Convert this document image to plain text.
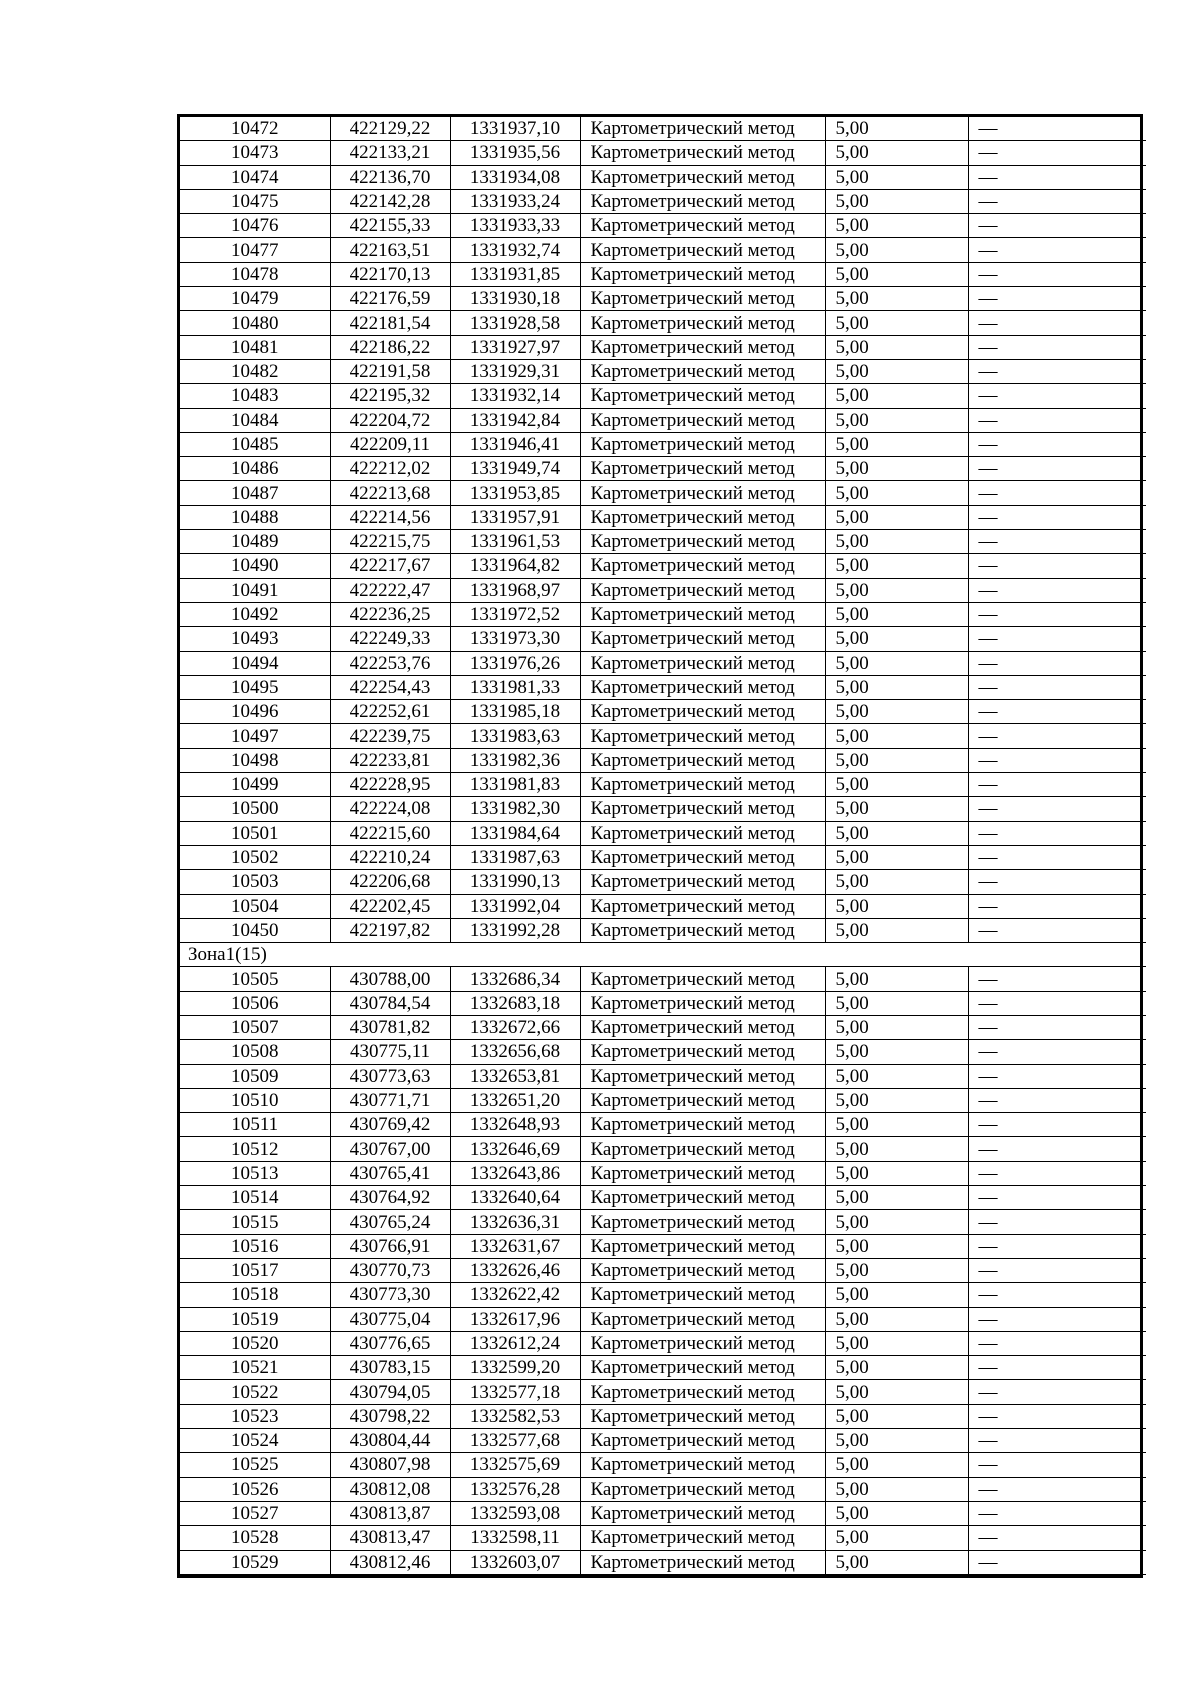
10472	422129,22	1331937,10	Картометрический метод	5,00	—
10473	422133,21	1331935,56	Картометрический метод	5,00	—
10474	422136,70	1331934,08	Картометрический метод	5,00	—
10475	422142,28	1331933,24	Картометрический метод	5,00	—
10476	422155,33	1331933,33	Картометрический метод	5,00	—
10477	422163,51	1331932,74	Картометрический метод	5,00	—
10478	422170,13	1331931,85	Картометрический метод	5,00	—
10479	422176,59	1331930,18	Картометрический метод	5,00	—
10480	422181,54	1331928,58	Картометрический метод	5,00	—
10481	422186,22	1331927,97	Картометрический метод	5,00	—
10482	422191,58	1331929,31	Картометрический метод	5,00	—
10483	422195,32	1331932,14	Картометрический метод	5,00	—
10484	422204,72	1331942,84	Картометрический метод	5,00	—
10485	422209,11	1331946,41	Картометрический метод	5,00	—
10486	422212,02	1331949,74	Картометрический метод	5,00	—
10487	422213,68	1331953,85	Картометрический метод	5,00	—
10488	422214,56	1331957,91	Картометрический метод	5,00	—
10489	422215,75	1331961,53	Картометрический метод	5,00	—
10490	422217,67	1331964,82	Картометрический метод	5,00	—
10491	422222,47	1331968,97	Картометрический метод	5,00	—
10492	422236,25	1331972,52	Картометрический метод	5,00	—
10493	422249,33	1331973,30	Картометрический метод	5,00	—
10494	422253,76	1331976,26	Картометрический метод	5,00	—
10495	422254,43	1331981,33	Картометрический метод	5,00	—
10496	422252,61	1331985,18	Картометрический метод	5,00	—
10497	422239,75	1331983,63	Картометрический метод	5,00	—
10498	422233,81	1331982,36	Картометрический метод	5,00	—
10499	422228,95	1331981,83	Картометрический метод	5,00	—
10500	422224,08	1331982,30	Картометрический метод	5,00	—
10501	422215,60	1331984,64	Картометрический метод	5,00	—
10502	422210,24	1331987,63	Картометрический метод	5,00	—
10503	422206,68	1331990,13	Картометрический метод	5,00	—
10504	422202,45	1331992,04	Картометрический метод	5,00	—
10450	422197,82	1331992,28	Картометрический метод	5,00	—
Зона1(15)					
10505	430788,00	1332686,34	Картометрический метод	5,00	—
10506	430784,54	1332683,18	Картометрический метод	5,00	—
10507	430781,82	1332672,66	Картометрический метод	5,00	—
10508	430775,11	1332656,68	Картометрический метод	5,00	—
10509	430773,63	1332653,81	Картометрический метод	5,00	—
10510	430771,71	1332651,20	Картометрический метод	5,00	—
10511	430769,42	1332648,93	Картометрический метод	5,00	—
10512	430767,00	1332646,69	Картометрический метод	5,00	—
10513	430765,41	1332643,86	Картометрический метод	5,00	—
10514	430764,92	1332640,64	Картометрический метод	5,00	—
10515	430765,24	1332636,31	Картометрический метод	5,00	—
10516	430766,91	1332631,67	Картометрический метод	5,00	—
10517	430770,73	1332626,46	Картометрический метод	5,00	—
10518	430773,30	1332622,42	Картометрический метод	5,00	—
10519	430775,04	1332617,96	Картометрический метод	5,00	—
10520	430776,65	1332612,24	Картометрический метод	5,00	—
10521	430783,15	1332599,20	Картометрический метод	5,00	—
10522	430794,05	1332577,18	Картометрический метод	5,00	—
10523	430798,22	1332582,53	Картометрический метод	5,00	—
10524	430804,44	1332577,68	Картометрический метод	5,00	—
10525	430807,98	1332575,69	Картометрический метод	5,00	—
10526	430812,08	1332576,28	Картометрический метод	5,00	—
10527	430813,87	1332593,08	Картометрический метод	5,00	—
10528	430813,47	1332598,11	Картометрический метод	5,00	—
10529	430812,46	1332603,07	Картометрический метод	5,00	—
